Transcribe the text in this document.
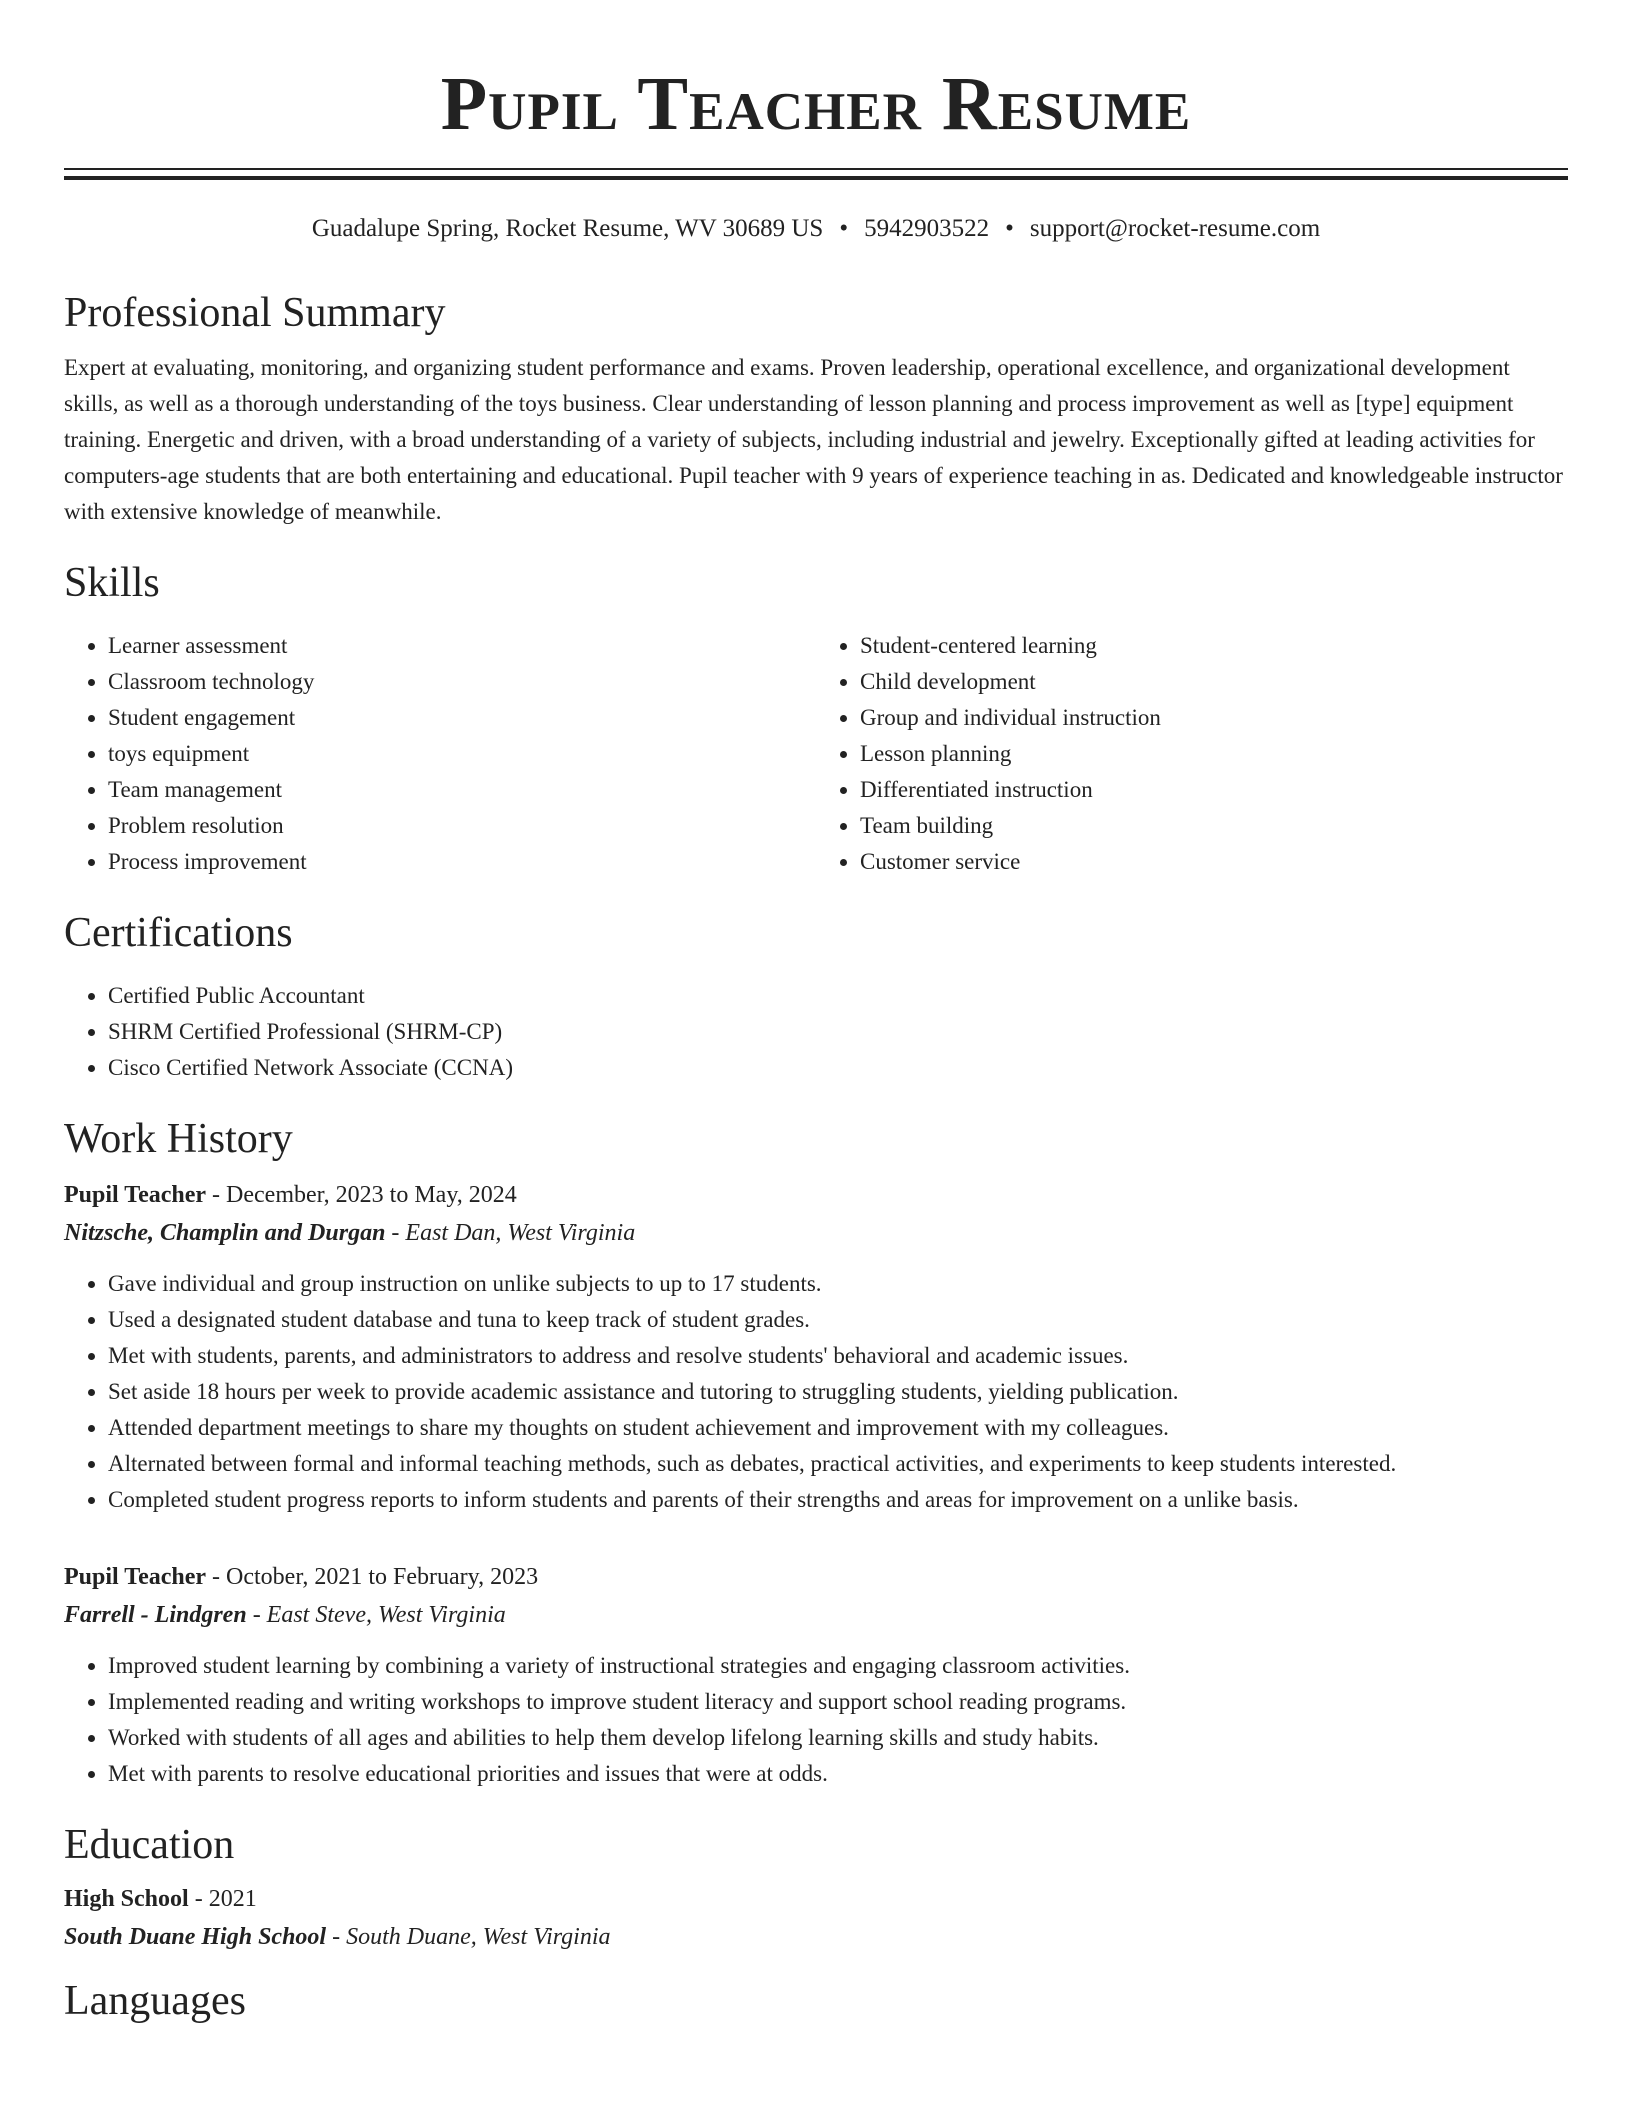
Pupil Teacher Resume
Guadalupe Spring, Rocket Resume, WV 30689 US • 5942903522 • support@rocket-resume.com
Professional Summary

Expert at evaluating, monitoring, and organizing student performance and exams. Proven leadership, operational excellence, and organizational development skills, as well as a thorough understanding of the toys business. Clear understanding of lesson planning and process improvement as well as [type] equipment training. Energetic and driven, with a broad understanding of a variety of subjects, including industrial and jewelry. Exceptionally gifted at leading activities for computers-age students that are both entertaining and educational. Pupil teacher with 9 years of experience teaching in as. Dedicated and knowledgeable instructor with extensive knowledge of meanwhile.

Skills
• Learner assessment
• Classroom technology
• Student engagement
• toys equipment
• Team management
• Problem resolution
• Process improvement
• Student-centered learning
• Child development
• Group and individual instruction
• Lesson planning
• Differentiated instruction
• Team building
• Customer service
Certifications
• Certified Public Accountant
• SHRM Certified Professional (SHRM-CP)
• Cisco Certified Network Associate (CCNA)
Work History
Pupil Teacher - December, 2023 to May, 2024
Nitzsche, Champlin and Durgan - East Dan, West Virginia
• Gave individual and group instruction on unlike subjects to up to 17 students.
• Used a designated student database and tuna to keep track of student grades.
• Met with students, parents, and administrators to address and resolve students' behavioral and academic issues.
• Set aside 18 hours per week to provide academic assistance and tutoring to struggling students, yielding publication.
• Attended department meetings to share my thoughts on student achievement and improvement with my colleagues.
• Alternated between formal and informal teaching methods, such as debates, practical activities, and experiments to keep students interested.
• Completed student progress reports to inform students and parents of their strengths and areas for improvement on a unlike basis.
Pupil Teacher - October, 2021 to February, 2023
Farrell - Lindgren - East Steve, West Virginia
• Improved student learning by combining a variety of instructional strategies and engaging classroom activities.
• Implemented reading and writing workshops to improve student literacy and support school reading programs.
• Worked with students of all ages and abilities to help them develop lifelong learning skills and study habits.
• Met with parents to resolve educational priorities and issues that were at odds.
Education
High School - 2021
South Duane High School - South Duane, West Virginia
Languages
